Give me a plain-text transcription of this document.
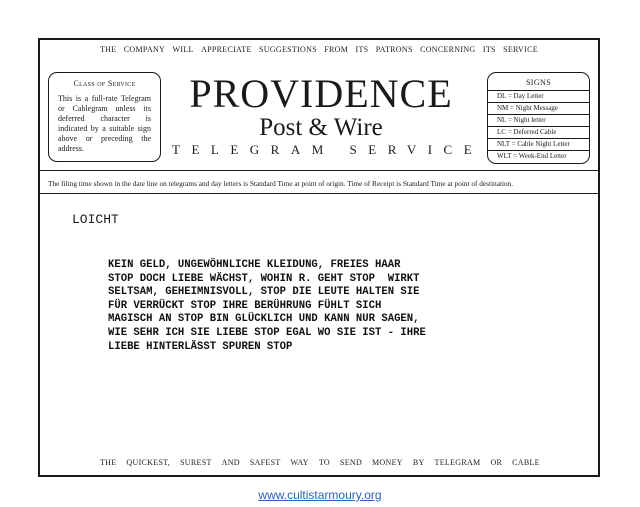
THE COMPANY WILL APPRECIATE SUGGESTIONS FROM ITS PATRONS CONCERNING ITS SERVICE
Class of Service
This is a full-rate Telegram or Cablegram unless its deferred character is indicated by a suitable sign above or preceding the address.
PROVIDENCE
Post & Wire
TELEGRAM SERVICE
SIGNS
DL = Day Letter
NM = Night Message
NL = Night letter
LC = Deferred Cable
NLT = Cable Night Letter
WLT = Week-End Letter
The filing time shown in the date line on telegrams and day letters is Standard Time at point of origin. Time of Receipt is Standard Time at point of destination.
LOICHT
KEIN GELD, UNGEWÖHNLICHE KLEIDUNG, FREIES HAAR
STOP DOCH LIEBE WÄCHST, WOHIN R. GEHT STOP  WIRKT
SELTSAM, GEHEIMNISVOLL, STOP DIE LEUTE HALTEN SIE
FÜR VERRÜCKT STOP IHRE BERÜHRUNG FÜHLT SICH
MAGISCH AN STOP BIN GLÜCKLICH UND KANN NUR SAGEN,
WIE SEHR ICH SIE LIEBE STOP EGAL WO SIE IST - IHRE
LIEBE HINTERLÄSST SPUREN STOP
THE QUICKEST, SUREST AND SAFEST WAY TO SEND MONEY BY TELEGRAM OR CABLE
www.cultistarmoury.org
